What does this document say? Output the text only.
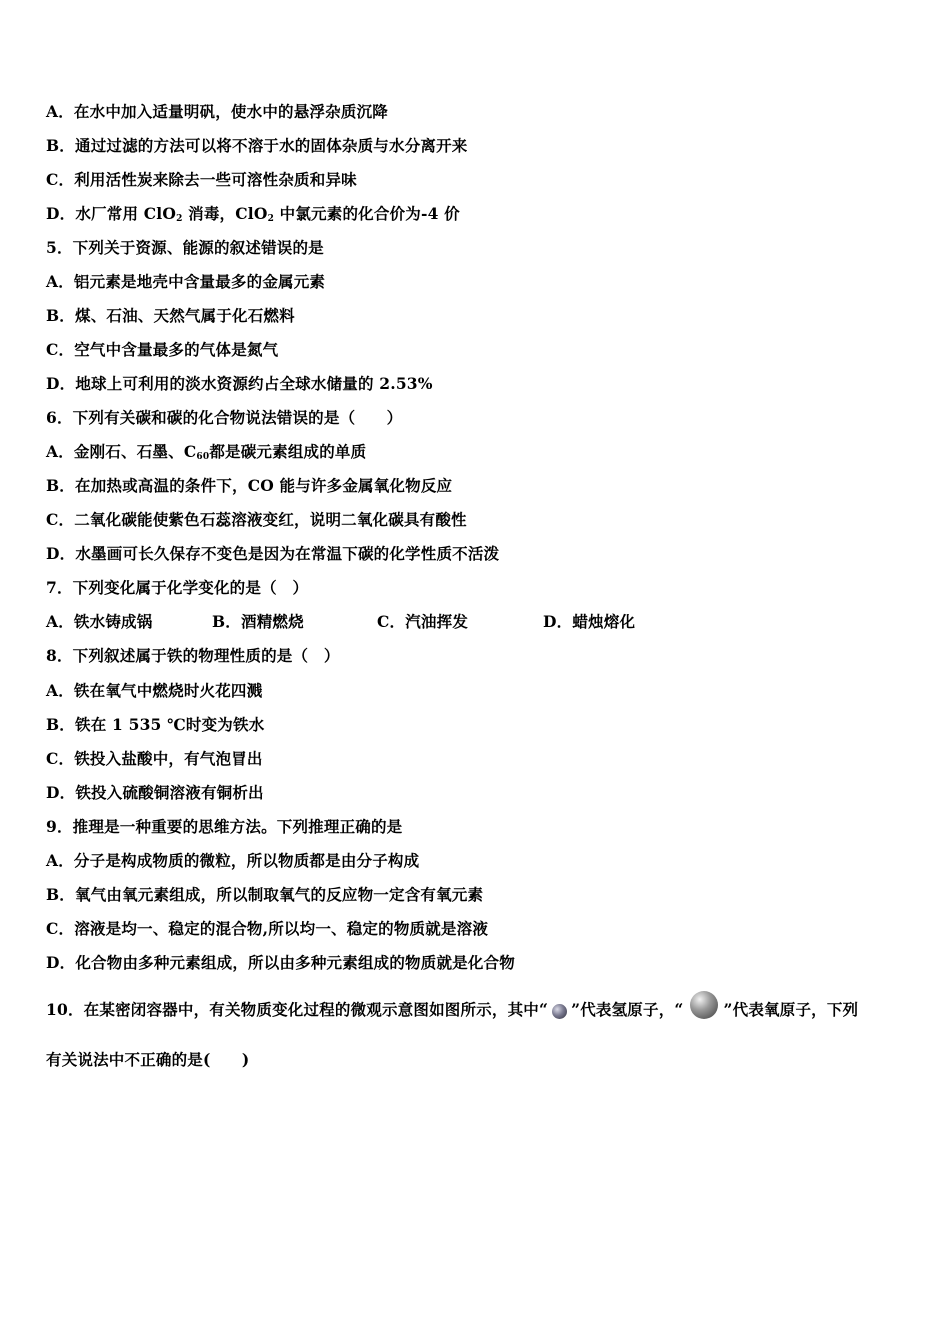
A．在水中加入适量明矾，使水中的悬浮杂质沉降
B．通过过滤的方法可以将不溶于水的固体杂质与水分离开来
C．利用活性炭来除去一些可溶性杂质和异味
D．水厂常用 ClO$_2$ 消毒，ClO$_2$ 中氯元素的化合价为-4 价
5．下列关于资源、能源的叙述错误的是
A．铝元素是地壳中含量最多的金属元素
B．煤、石油、天然气属于化石燃料
C．空气中含量最多的气体是氮气
D．地球上可利用的淡水资源约占全球水储量的 2.53%
6．下列有关碳和碳的化合物说法错误的是（　　）
A．金刚石、石墨、$C_{60}$都是碳元素组成的单质
B．在加热或高温的条件下，CO 能与许多金属氧化物反应
C．二氧化碳能使紫色石蕊溶液变红，说明二氧化碳具有酸性
D．水墨画可长久保存不变色是因为在常温下碳的化学性质不活泼
7．下列变化属于化学变化的是（　）
A．铁水铸成锅	B．酒精燃烧	C．汽油挥发	D．蜡烛熔化
8．下列叙述属于铁的物理性质的是（　）
A．铁在氧气中燃烧时火花四溅
B．铁在 1 535 ℃时变为铁水
C．铁投入盐酸中，有气泡冒出
D．铁投入硫酸铜溶液有铜析出
9．推理是一种重要的思维方法。下列推理正确的是
A．分子是构成物质的微粒，所以物质都是由分子构成
B．氧气由氧元素组成，所以制取氧气的反应物一定含有氧元素
C．溶液是均一、稳定的混合物,所以均一、稳定的物质就是溶液
D．化合物由多种元素组成，所以由多种元素组成的物质就是化合物
10．在某密闭容器中，有关物质变化过程的微观示意图如图所示，其中“ ”代表氢原子，“	”代表氧原子，下列
有关说法中不正确的是(　　)
